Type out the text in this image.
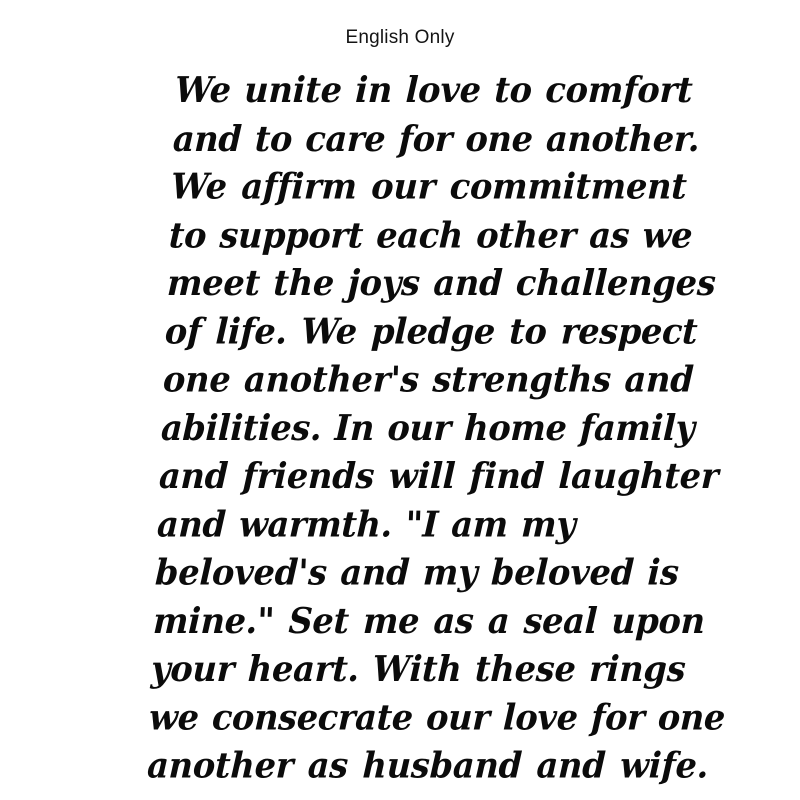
English Only
We unite in love to comfort
and to care for one another.
We affirm our commitment
to support each other as we
meet the joys and challenges
of life. We pledge to respect
one another's strengths and
abilities. In our home family
and friends will find laughter
and warmth. "I am my
beloved's and my beloved is
mine." Set me as a seal upon
your heart. With these rings
we consecrate our love for one
another as husband and wife.
